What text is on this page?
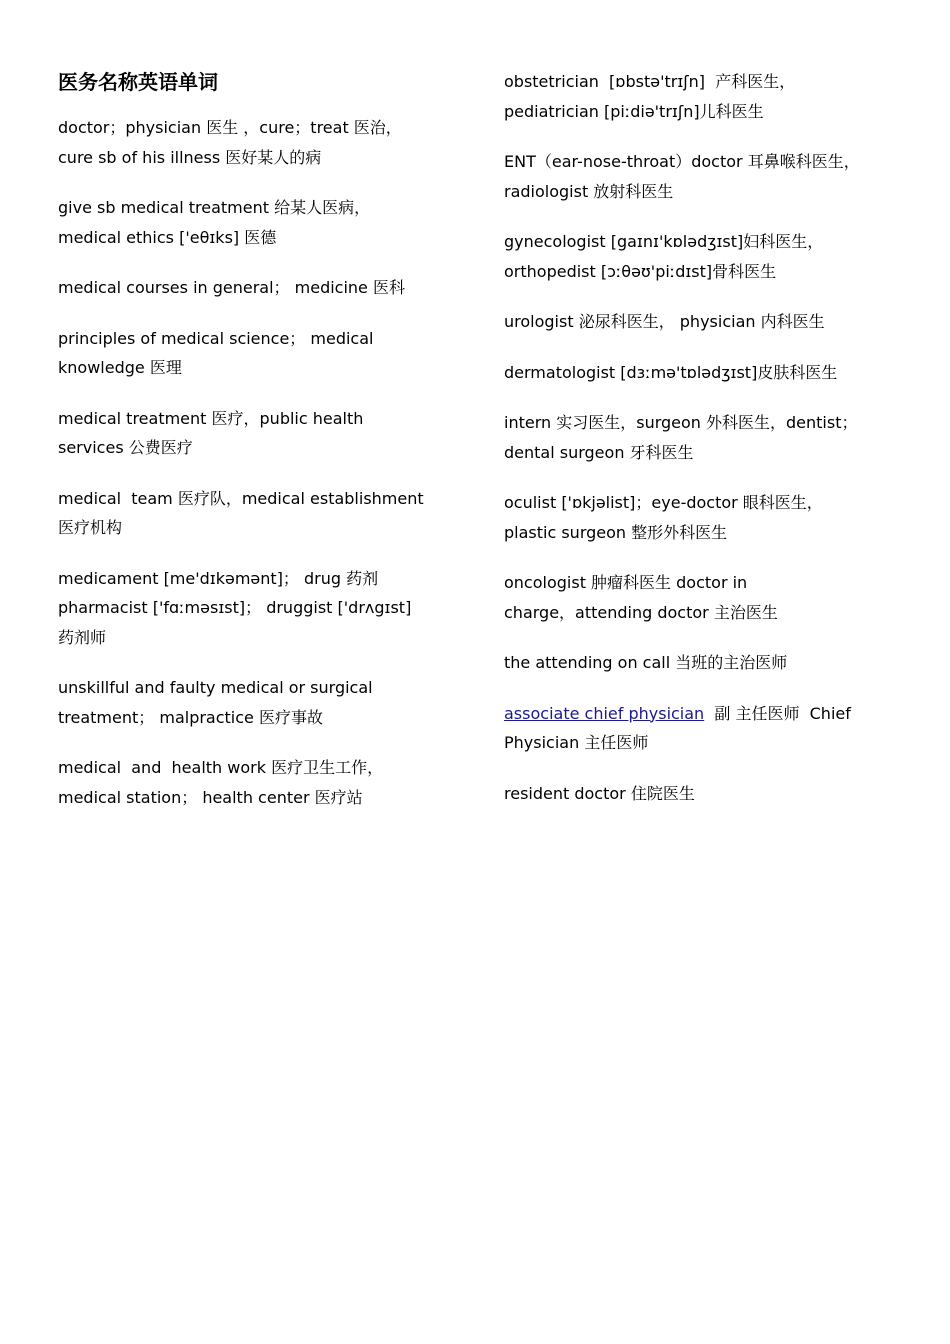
医务名称英语单词
doctor；physician 医生 ，cure；treat 医治，
cure sb of his illness 医好某人的病
give sb medical treatment 给某人医病，
medical ethics ['eθɪks] 医德
medical courses in general； medicine 医科
principles of medical science； medical
knowledge 医理
medical treatment 医疗，public health
services 公费医疗
medical  team 医疗队，medical establishment
医疗机构
medicament [me'dɪkəmənt]； drug 药剂
pharmacist ['fɑːməsɪst]； druggist ['drʌgɪst]
药剂师
unskillful and faulty medical or surgical
treatment； malpractice 医疗事故
medical  and  health work 医疗卫生工作，
medical station； health center 医疗站
obstetrician  [ɒbstə'trɪʃn]  产科医生，
pediatrician [piːdiə'trɪʃn]儿科医生
ENT（ear-nose-throat）doctor 耳鼻喉科医生，
radiologist 放射科医生
gynecologist [gaɪnɪ'kɒlədʒɪst]妇科医生，
orthopedist [ɔːθəʊ'piːdɪst]骨科医生
urologist 泌尿科医生， physician 内科医生
dermatologist [dɜːmə'tɒlədʒɪst]皮肤科医生
intern 实习医生，surgeon 外科医生，dentist；
dental surgeon 牙科医生
oculist ['ɒkjəlist]；eye-doctor 眼科医生，
plastic surgeon 整形外科医生
oncologist 肿瘤科医生 doctor in
charge，attending doctor 主治医生
the attending on call 当班的主治医师
associate chief physician  副 主任医师  Chief
Physician 主任医师
resident doctor 住院医生
